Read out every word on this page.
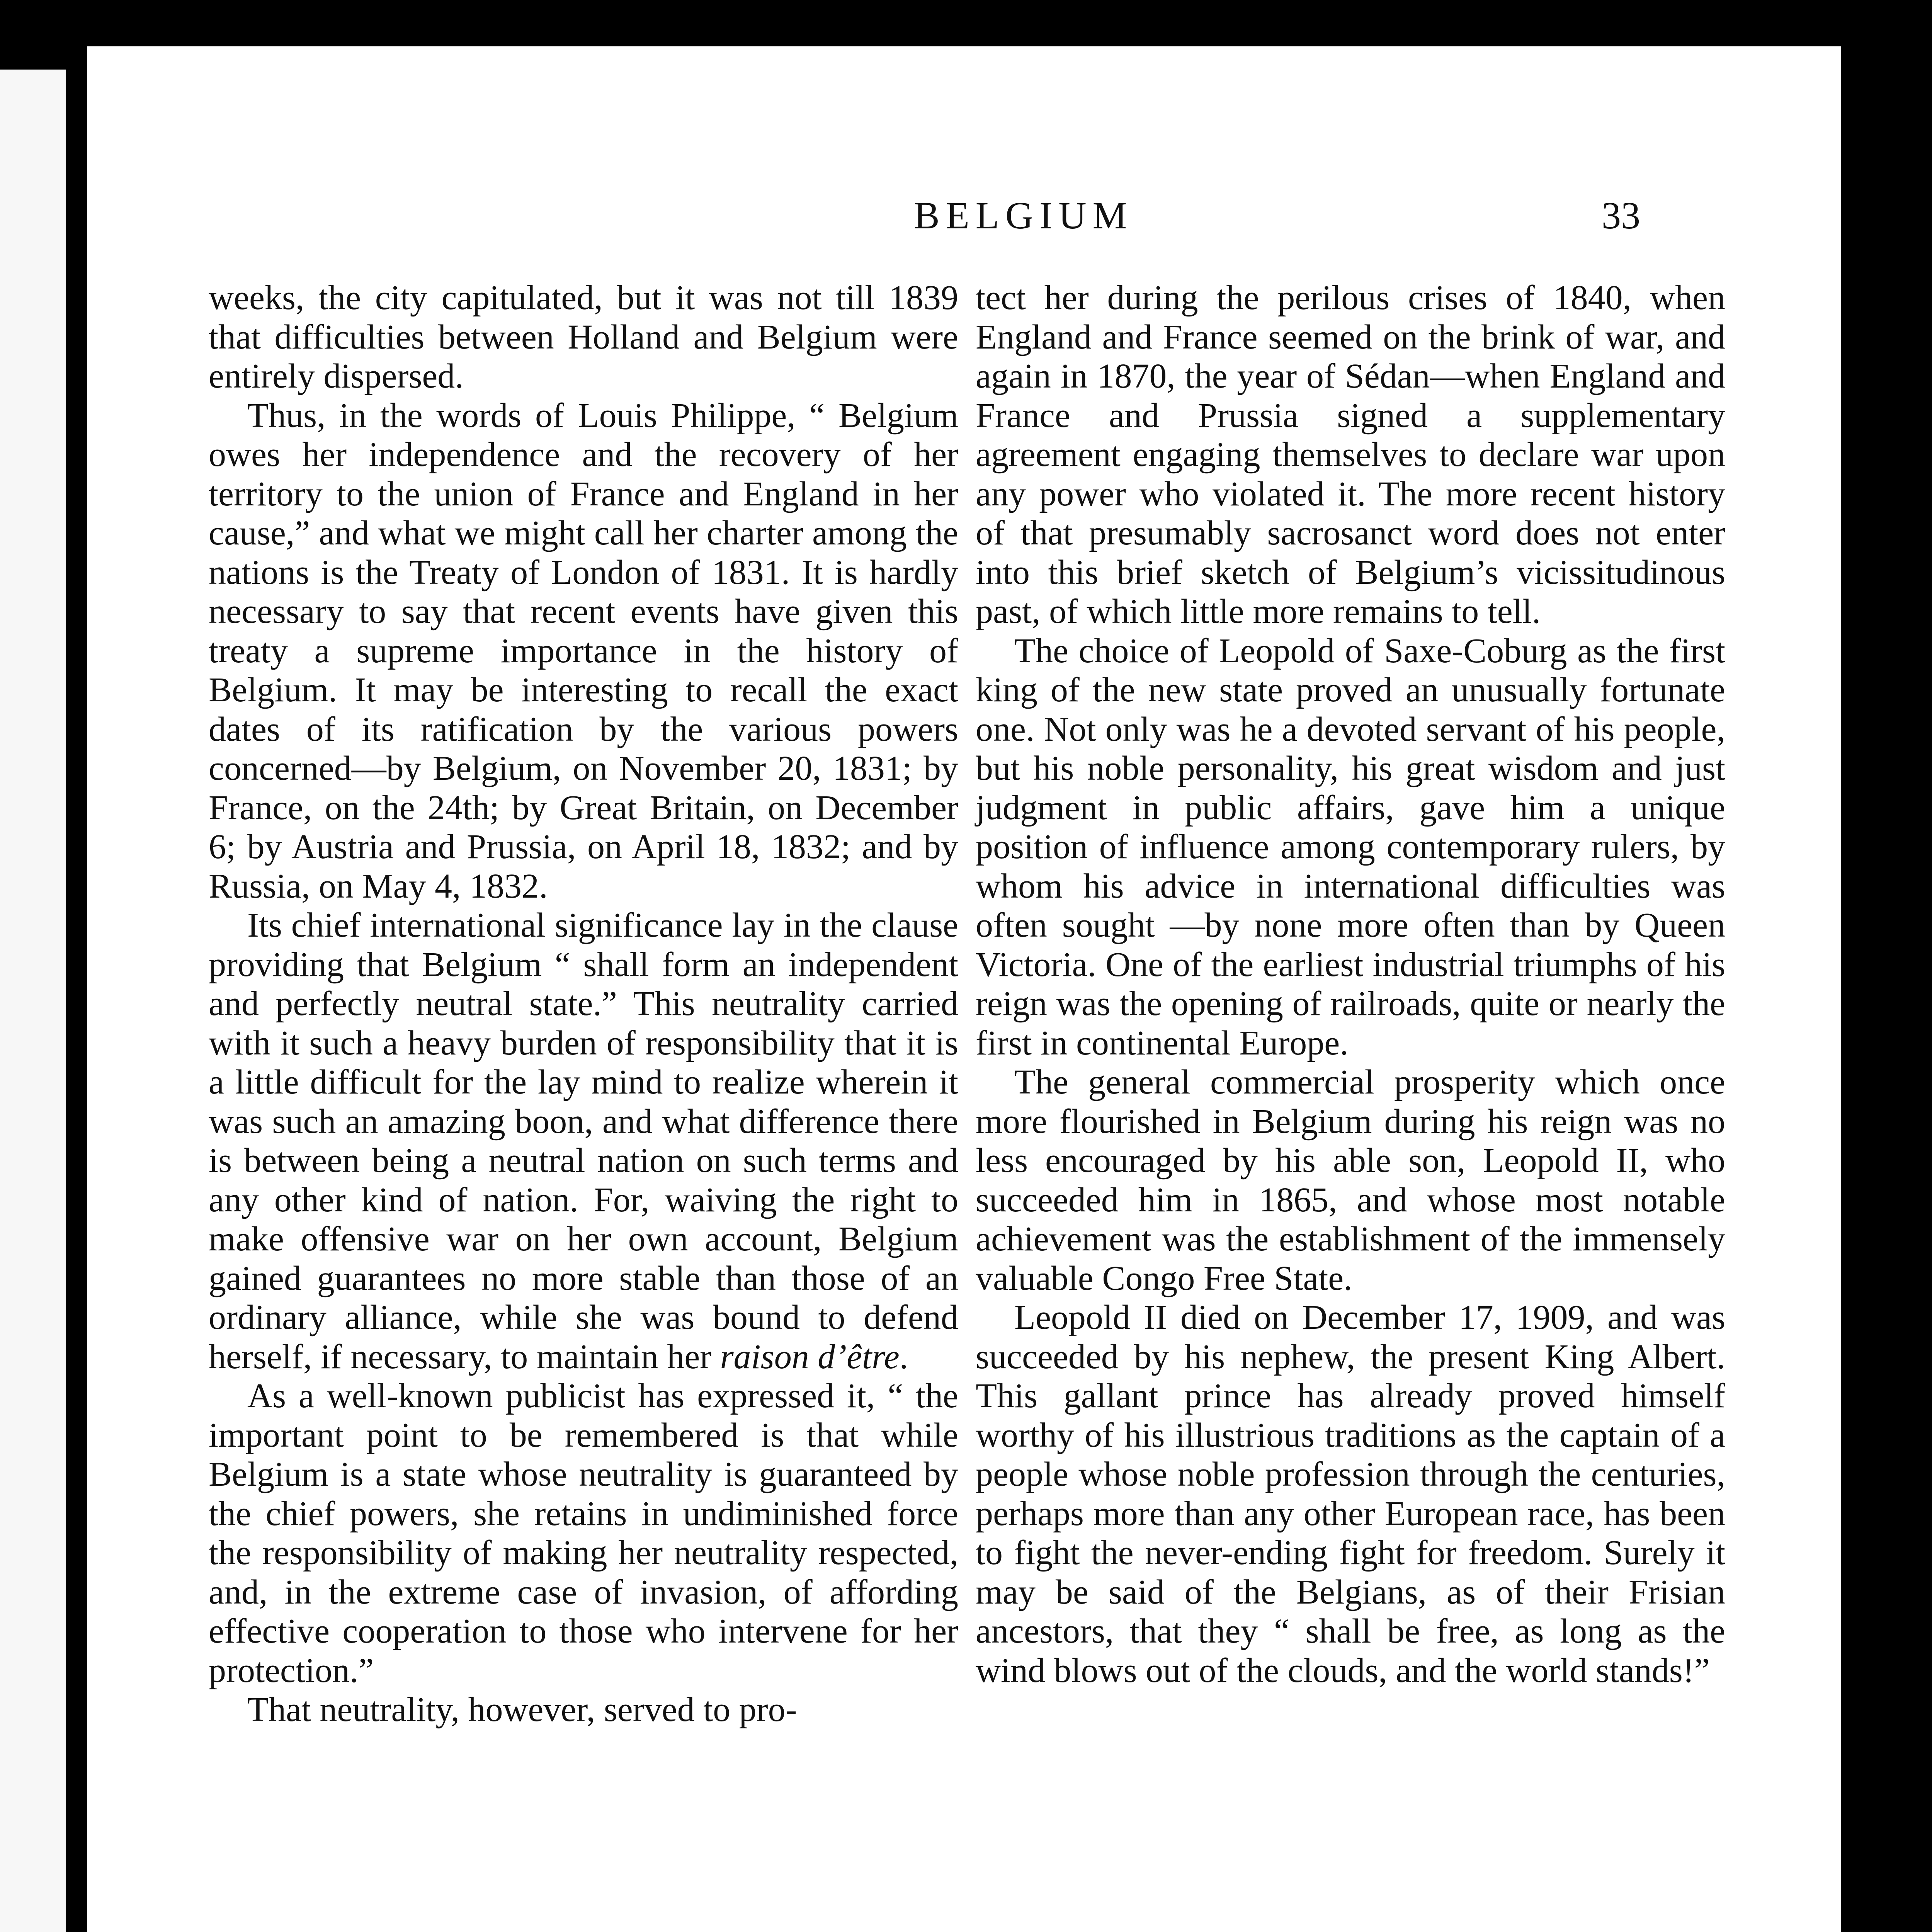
BELGIUM	33

weeks, the city capitulated, but it was not till 1839 that difficulties between Holland and Belgium were entirely dispersed.

Thus, in the words of Louis Philippe, “ Belgium owes her independence and the recovery of her territory to the union of France and England in her cause,” and what we might call her charter among the nations is the Treaty of London of 1831. It is hardly necessary to say that recent events have given this treaty a supreme importance in the history of Belgium. It may be interesting to recall the exact dates of its ratification by the various powers concerned—by Belgium, on November 20, 1831; by France, on the 24th; by Great Britain, on December 6; by Austria and Prussia, on April 18, 1832; and by Russia, on May 4, 1832.

Its chief international significance lay in the clause providing that Belgium “ shall form an independent and perfectly neutral state.” This neutrality carried with it such a heavy burden of responsibility that it is a little difficult for the lay mind to realize wherein it was such an amazing boon, and what difference there is between being a neutral nation on such terms and any other kind of nation. For, waiving the right to make offensive war on her own account, Belgium gained guarantees no more stable than those of an ordinary alliance, while she was bound to defend herself, if necessary, to maintain her raison d’être.

As a well-known publicist has expressed it, “ the important point to be remembered is that while Belgium is a state whose neutrality is guaranteed by the chief powers, she retains in undiminished force the responsibility of making her neutrality respected, and, in the extreme case of invasion, of affording effective cooperation to those who intervene for her protection.”

That neutrality, however, served to pro-

tect her during the perilous crises of 1840, when England and France seemed on the brink of war, and again in 1870, the year of Sédan—when England and France and Prussia signed a supplementary agreement engaging themselves to declare war upon any power who violated it. The more recent history of that presumably sacrosanct word does not enter into this brief sketch of Belgium’s vicissitudinous past, of which little more remains to tell.

The choice of Leopold of Saxe-Coburg as the first king of the new state proved an unusually fortunate one. Not only was he a devoted servant of his people, but his noble personality, his great wisdom and just judgment in public affairs, gave him a unique position of influence among contemporary rulers, by whom his advice in international difficulties was often sought —by none more often than by Queen Victoria. One of the earliest industrial triumphs of his reign was the opening of railroads, quite or nearly the first in continental Europe.

The general commercial prosperity which once more flourished in Belgium during his reign was no less encouraged by his able son, Leopold II, who succeeded him in 1865, and whose most notable achievement was the establishment of the immensely valuable Congo Free State.

Leopold II died on December 17, 1909, and was succeeded by his nephew, the present King Albert. This gallant prince has already proved himself worthy of his illustrious traditions as the captain of a people whose noble profession through the centuries, perhaps more than any other European race, has been to fight the never-ending fight for freedom. Surely it may be said of the Belgians, as of their Frisian ancestors, that they “ shall be free, as long as the wind blows out of the clouds, and the world stands!”
